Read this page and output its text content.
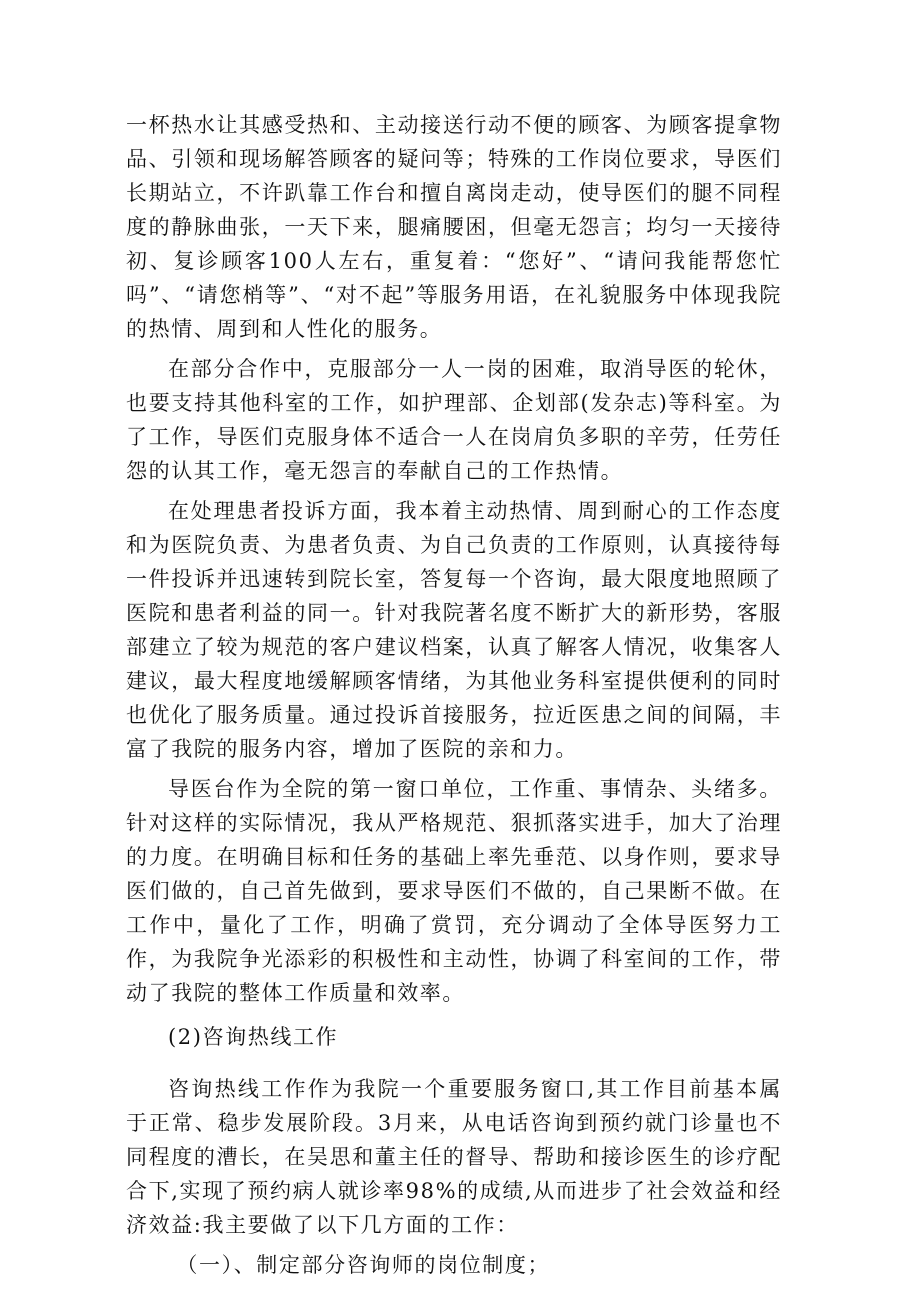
一杯热水让其感受热和、主动接送行动不便的顾客、为顾客提拿物品、引领和现场解答顾客的疑问等；特殊的工作岗位要求，导医们长期站立，不许趴靠工作台和擅自离岗走动，使导医们的腿不同程度的静脉曲张，一天下来，腿痛腰困，但毫无怨言；均匀一天接待初、复诊顾客100人左右，重复着：“您好”、“请问我能帮您忙吗”、“请您梢等”、“对不起”等服务用语，在礼貌服务中体现我院的热情、周到和人性化的服务。

在部分合作中，克服部分一人一岗的困难，取消导医的轮休，也要支持其他科室的工作，如护理部、企划部(发杂志)等科室。为了工作，导医们克服身体不适合一人在岗肩负多职的辛劳，任劳任怨的认其工作，毫无怨言的奉献自己的工作热情。

在处理患者投诉方面，我本着主动热情、周到耐心的工作态度和为医院负责、为患者负责、为自己负责的工作原则，认真接待每一件投诉并迅速转到院长室，答复每一个咨询，最大限度地照顾了医院和患者利益的同一。针对我院著名度不断扩大的新形势，客服部建立了较为规范的客户建议档案，认真了解客人情况，收集客人建议，最大程度地缓解顾客情绪，为其他业务科室提供便利的同时也优化了服务质量。通过投诉首接服务，拉近医患之间的间隔，丰富了我院的服务内容，增加了医院的亲和力。

导医台作为全院的第一窗口单位，工作重、事情杂、头绪多。针对这样的实际情况，我从严格规范、狠抓落实进手，加大了治理的力度。在明确目标和任务的基础上率先垂范、以身作则，要求导医们做的，自己首先做到，要求导医们不做的，自己果断不做。在工作中，量化了工作，明确了赏罚，充分调动了全体导医努力工作，为我院争光添彩的积极性和主动性，协调了科室间的工作，带动了我院的整体工作质量和效率。

(2)咨询热线工作

咨询热线工作作为我院一个重要服务窗口,其工作目前基本属于正常、稳步发展阶段。3月来，从电话咨询到预约就门诊量也不同程度的漕长，在吴思和董主任的督导、帮助和接诊医生的诊疗配合下,实现了预约病人就诊率98%的成绩,从而进步了社会效益和经济效益:我主要做了以下几方面的工作：

（一）、制定部分咨询师的岗位制度；
